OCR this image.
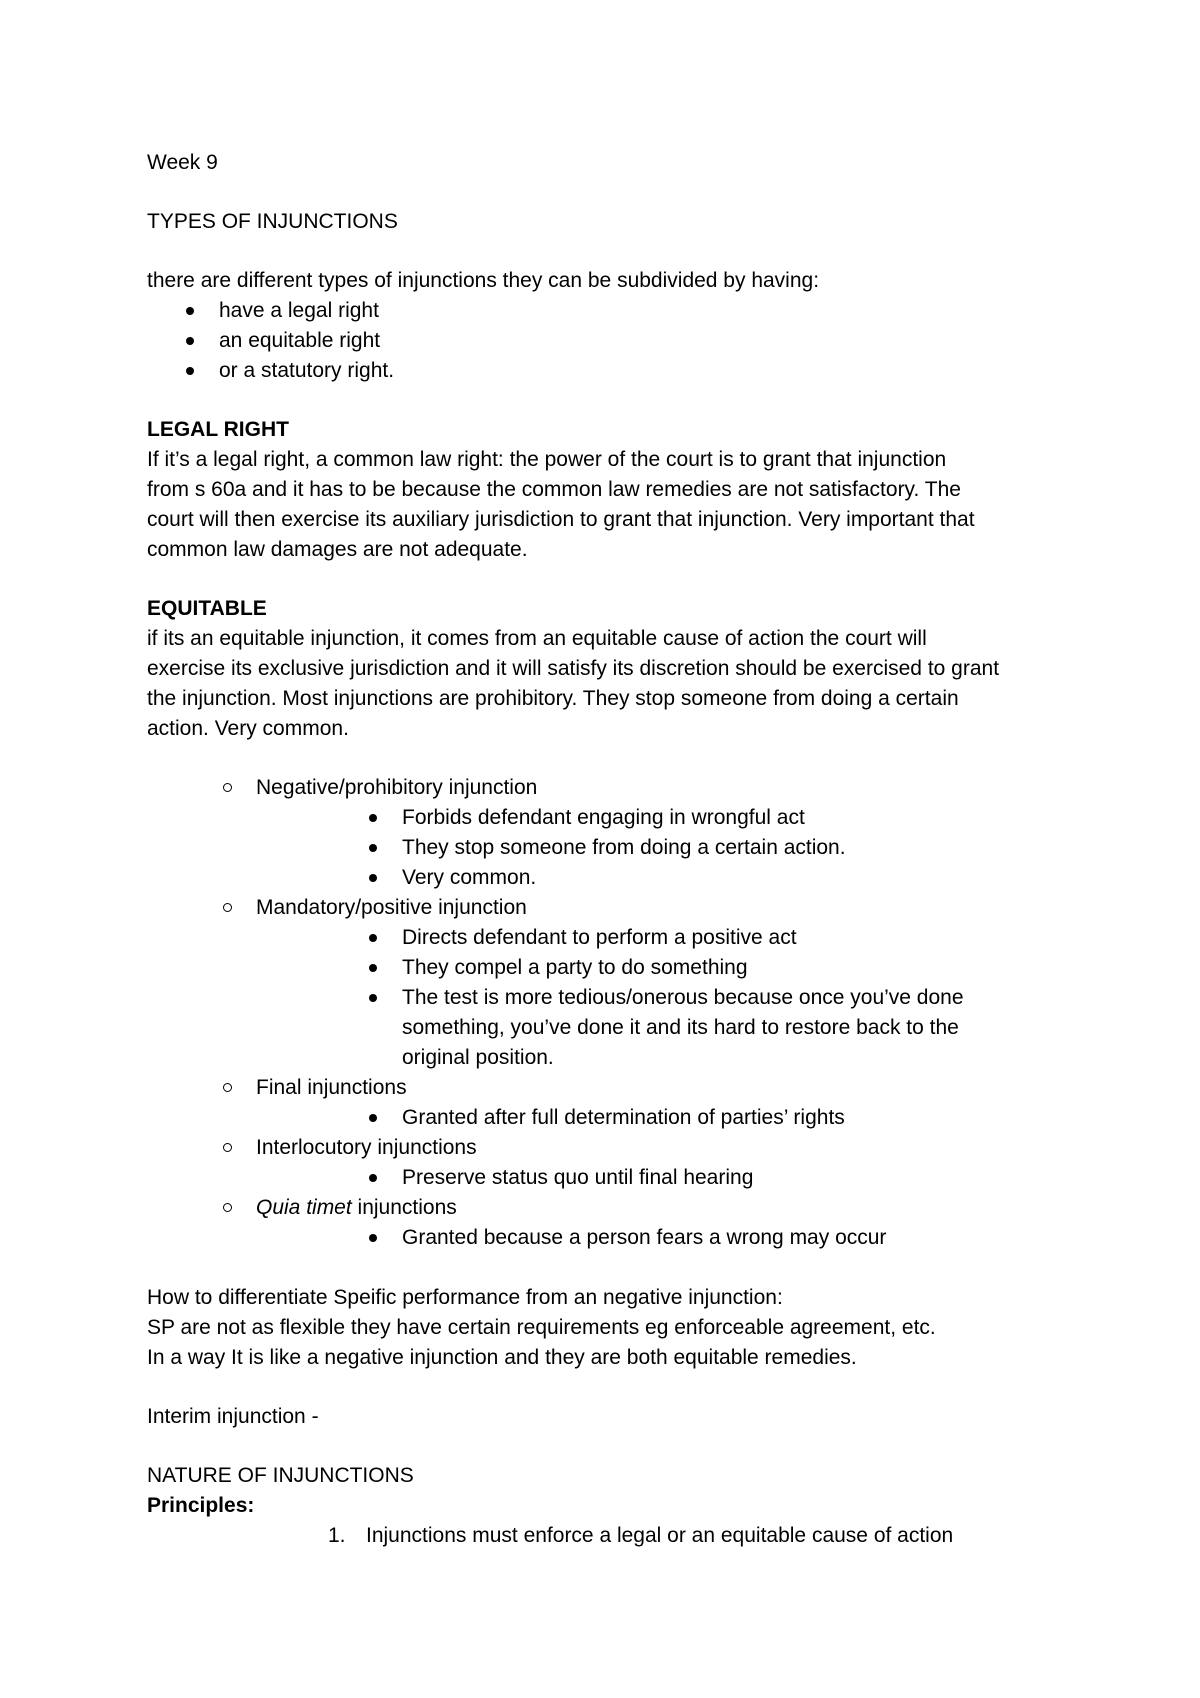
Week 9
TYPES OF INJUNCTIONS
there are different types of injunctions they can be subdivided by having:
have a legal right
an equitable right
or a statutory right.
LEGAL RIGHT

If it’s a legal right, a common law right: the power of the court is to grant that injunction

from s 60a and it has to be because the common law remedies are not satisfactory. The

court will then exercise its auxiliary jurisdiction to grant that injunction. Very important that

common law damages are not adequate.

EQUITABLE

if its an equitable injunction, it comes from an equitable cause of action the court will

exercise its exclusive jurisdiction and it will satisfy its discretion should be exercised to grant

the injunction. Most injunctions are prohibitory. They stop someone from doing a certain

action. Very common.

Negative/prohibitory injunction
Forbids defendant engaging in wrongful act
They stop someone from doing a certain action.
Very common.
Mandatory/positive injunction
Directs defendant to perform a positive act
They compel a party to do something
The test is more tedious/onerous because once you’ve done
something, you’ve done it and its hard to restore back to the
original position.
Final injunctions
Granted after full determination of parties’ rights
Interlocutory injunctions
Preserve status quo until final hearing
Quia timet injunctions
Granted because a person fears a wrong may occur

How to differentiate Speific performance from an negative injunction:

SP are not as flexible they have certain requirements eg enforceable agreement, etc.

In a way It is like a negative injunction and they are both equitable remedies.

Interim injunction -
NATURE OF INJUNCTIONS
Principles:
1. Injunctions must enforce a legal or an equitable cause of action
